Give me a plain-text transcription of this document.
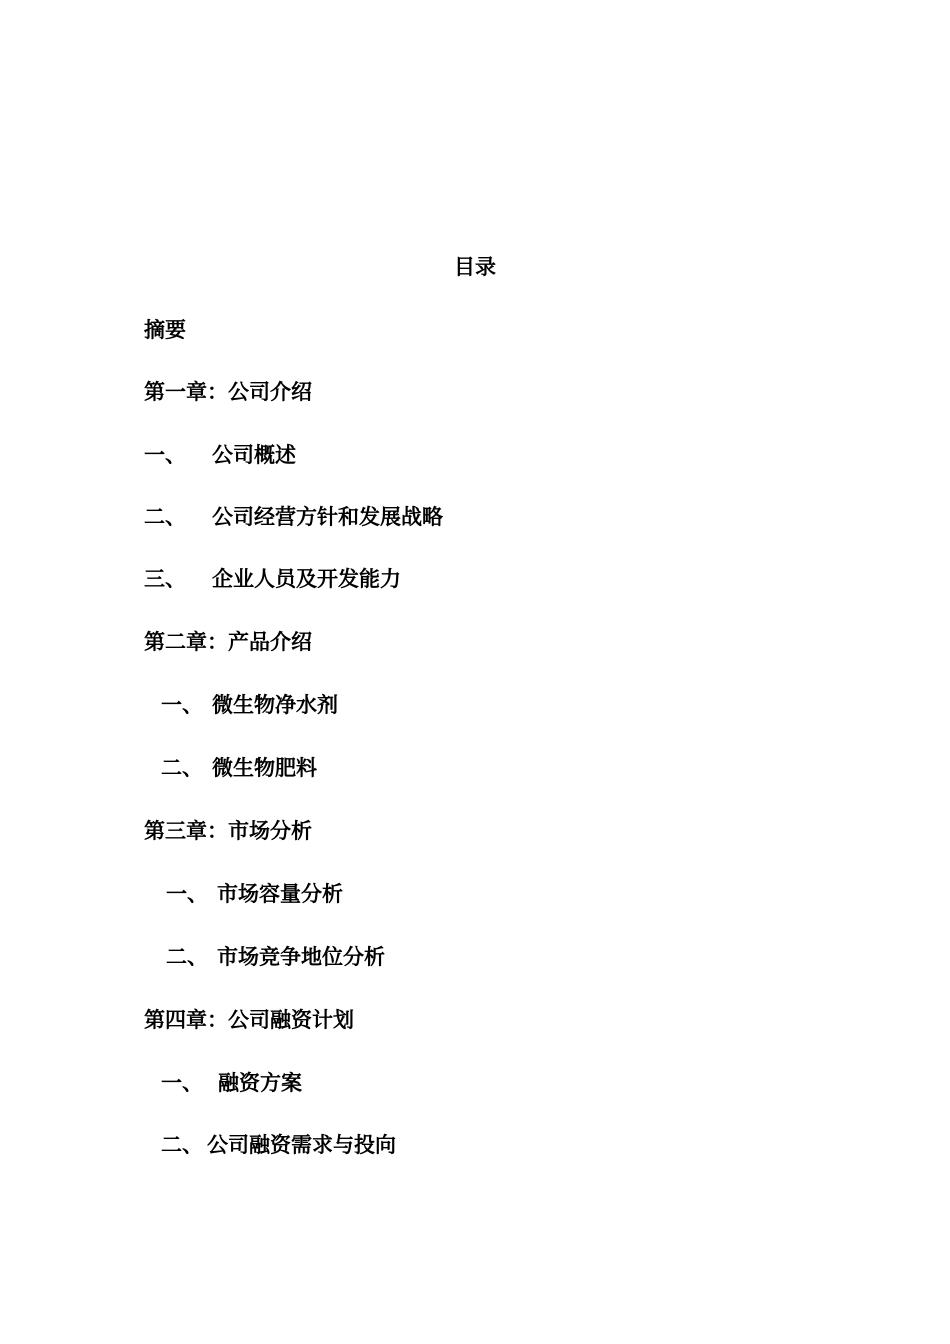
目录
摘要
第一章：公司介绍
一、 公司概述
二、 公司经营方针和发展战略
三、 企业人员及开发能力
第二章：产品介绍
一、 微生物净水剂
二、 微生物肥料
第三章：市场分析
一、 市场容量分析
二、 市场竞争地位分析
第四章：公司融资计划
一、 融资方案
二、 公司融资需求与投向
